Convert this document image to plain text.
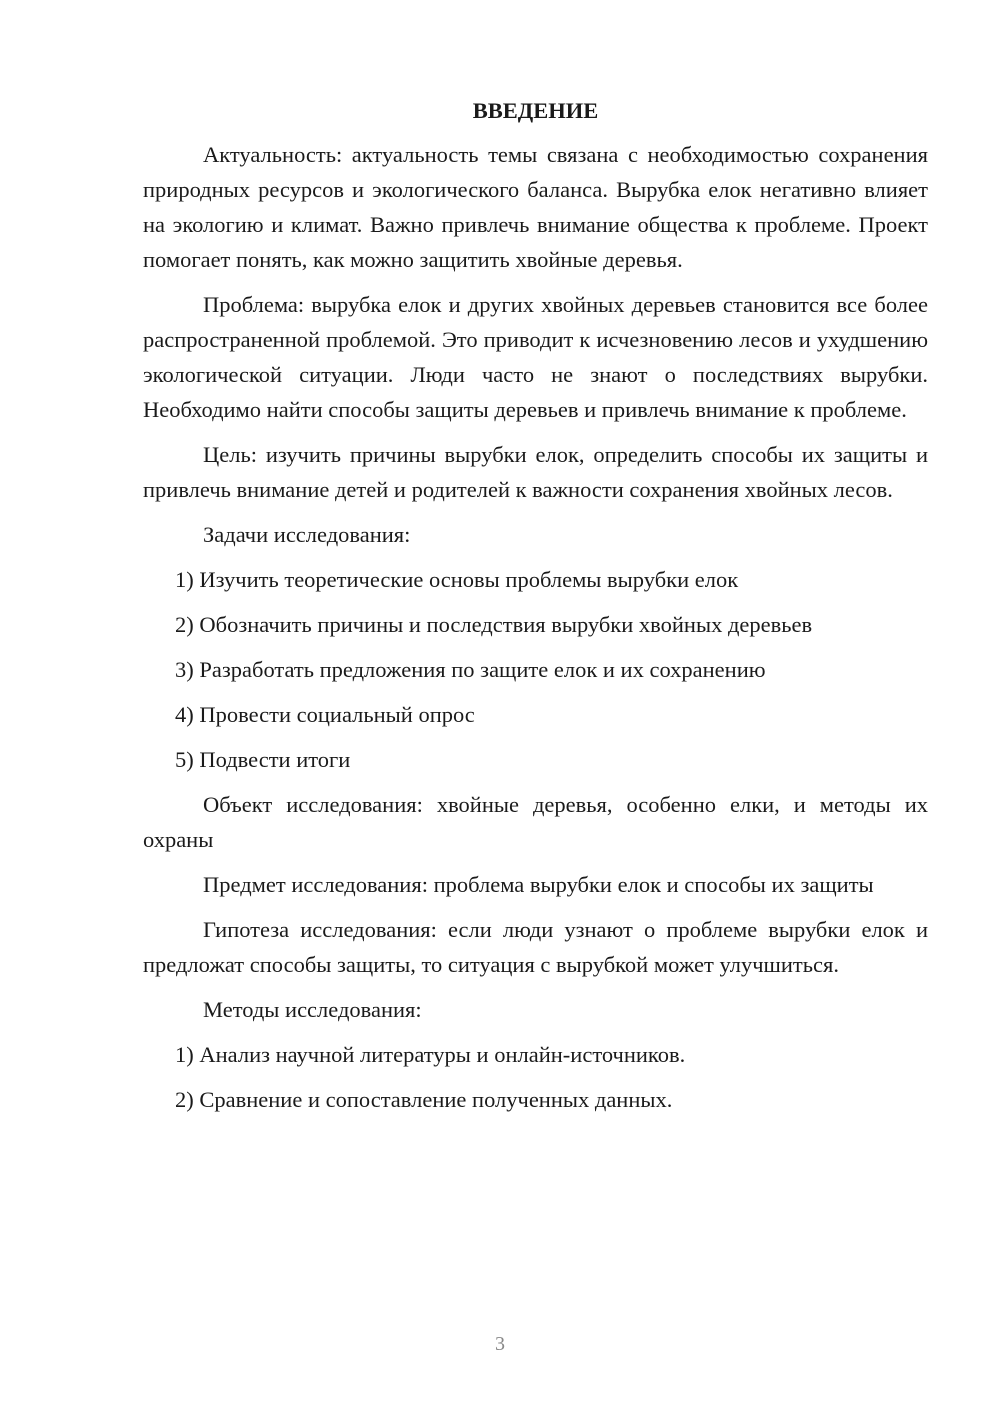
ВВЕДЕНИЕ

Актуальность: актуальность темы связана с необходимостью сохранения природных ресурсов и экологического баланса. Вырубка елок негативно влияет на экологию и климат. Важно привлечь внимание общества к проблеме. Проект помогает понять, как можно защитить хвойные деревья.

Проблема: вырубка елок и других хвойных деревьев становится все более распространенной проблемой. Это приводит к исчезновению лесов и ухудшению экологической ситуации. Люди часто не знают о последствиях вырубки. Необходимо найти способы защиты деревьев и привлечь внимание к проблеме.

Цель: изучить причины вырубки елок, определить способы их защиты и привлечь внимание детей и родителей к важности сохранения хвойных лесов.

Задачи исследования:

1) Изучить теоретические основы проблемы вырубки елок

2) Обозначить причины и последствия вырубки хвойных деревьев

3) Разработать предложения по защите елок и их сохранению

4) Провести социальный опрос

5) Подвести итоги

Объект исследования: хвойные деревья, особенно елки, и методы их охраны

Предмет исследования: проблема вырубки елок и способы их защиты

Гипотеза исследования: если люди узнают о проблеме вырубки елок и предложат способы защиты, то ситуация с вырубкой может улучшиться.

Методы исследования:

1) Анализ научной литературы и онлайн-источников.

2) Сравнение и сопоставление полученных данных.

3
